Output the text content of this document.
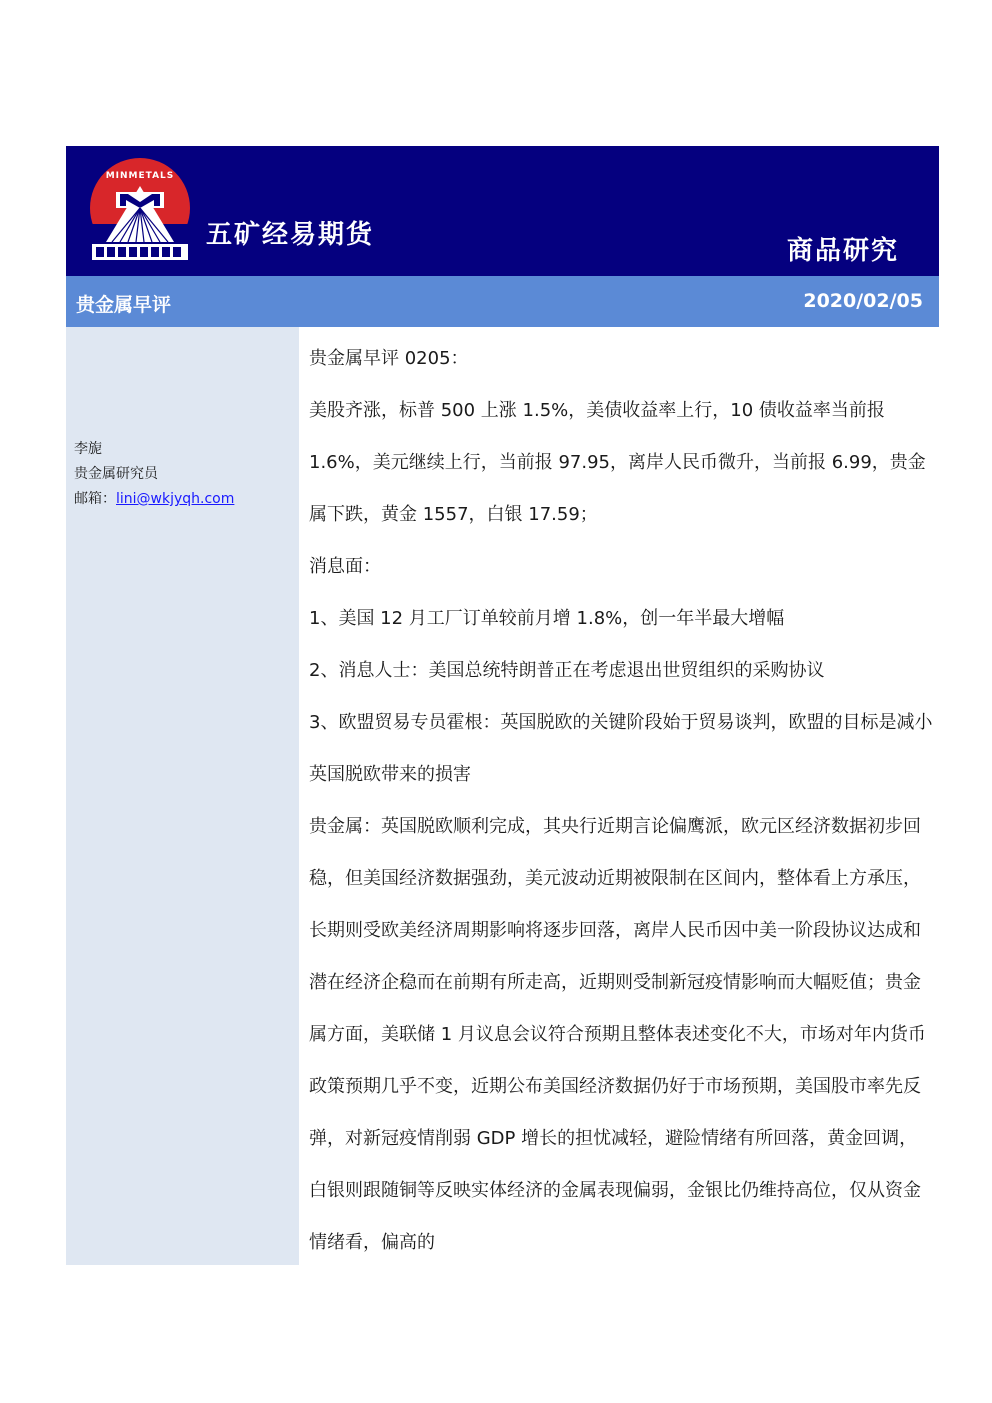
MINMETALS
五矿经易期货
商品研究
贵金属早评	2020/02/05
李旎
贵金属研究员
邮箱：lini@wkjyqh.com

贵金属早评 0205：

美股齐涨，标普 500 上涨 1.5%，美债收益率上行，10 债收益率当前报 1.6%，美元继续上行，当前报 97.95，离岸人民币微升，当前报 6.99，贵金属下跌，黄金 1557，白银 17.59；

消息面：

1、美国 12 月工厂订单较前月增 1.8%，创一年半最大增幅

2、消息人士：美国总统特朗普正在考虑退出世贸组织的采购协议

3、欧盟贸易专员霍根：英国脱欧的关键阶段始于贸易谈判，欧盟的目标是减小英国脱欧带来的损害

贵金属：英国脱欧顺利完成，其央行近期言论偏鹰派，欧元区经济数据初步回稳，但美国经济数据强劲，美元波动近期被限制在区间内，整体看上方承压，长期则受欧美经济周期影响将逐步回落，离岸人民币因中美一阶段协议达成和潜在经济企稳而在前期有所走高，近期则受制新冠疫情影响而大幅贬值；贵金属方面，美联储 1 月议息会议符合预期且整体表述变化不大，市场对年内货币政策预期几乎不变，近期公布美国经济数据仍好于市场预期，美国股市率先反弹，对新冠疫情削弱 GDP 增长的担忧减轻，避险情绪有所回落，黄金回调，白银则跟随铜等反映实体经济的金属表现偏弱，金银比仍维持高位，仅从资金情绪看，偏高的
